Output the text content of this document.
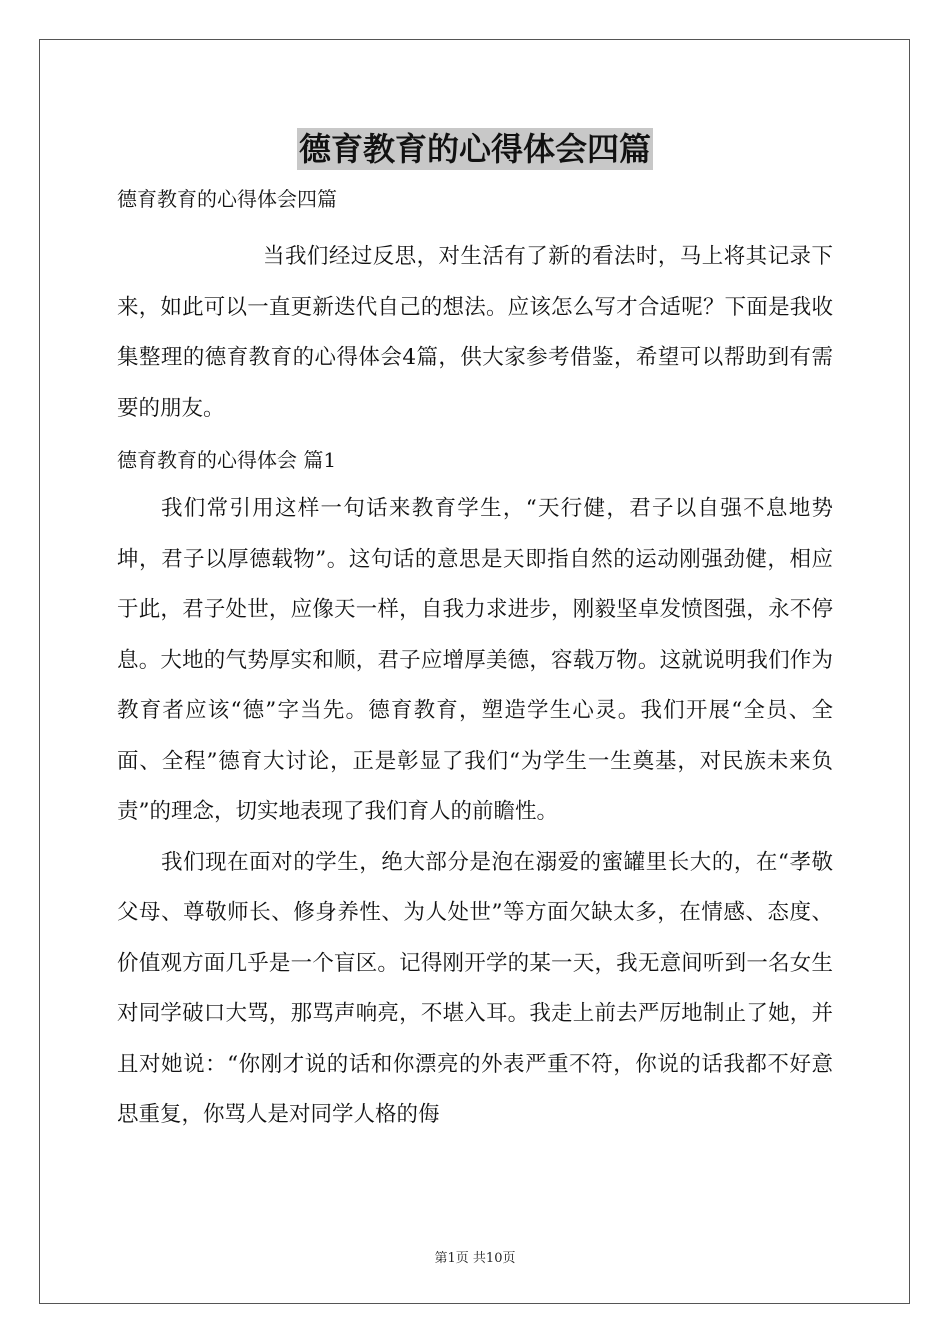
德育教育的心得体会四篇

德育教育的心得体会四篇

当我们经过反思，对生活有了新的看法时，马上将其记录下来，如此可以一直更新迭代自己的想法。应该怎么写才合适呢？下面是我收集整理的德育教育的心得体会4篇，供大家参考借鉴，希望可以帮助到有需要的朋友。

德育教育的心得体会 篇1

我们常引用这样一句话来教育学生，“天行健，君子以自强不息地势坤，君子以厚德载物”。这句话的意思是天即指自然的运动刚强劲健，相应于此，君子处世，应像天一样，自我力求进步，刚毅坚卓发愤图强，永不停息。大地的气势厚实和顺，君子应增厚美德，容载万物。这就说明我们作为教育者应该“德”字当先。德育教育，塑造学生心灵。我们开展“全员、全面、全程”德育大讨论，正是彰显了我们“为学生一生奠基，对民族未来负责”的理念，切实地表现了我们育人的前瞻性。

我们现在面对的学生，绝大部分是泡在溺爱的蜜罐里长大的，在“孝敬父母、尊敬师长、修身养性、为人处世”等方面欠缺太多，在情感、态度、价值观方面几乎是一个盲区。记得刚开学的某一天，我无意间听到一名女生对同学破口大骂，那骂声响亮，不堪入耳。我走上前去严厉地制止了她，并且对她说：“你刚才说的话和你漂亮的外表严重不符，你说的话我都不好意思重复，你骂人是对同学人格的侮

第1页 共10页
